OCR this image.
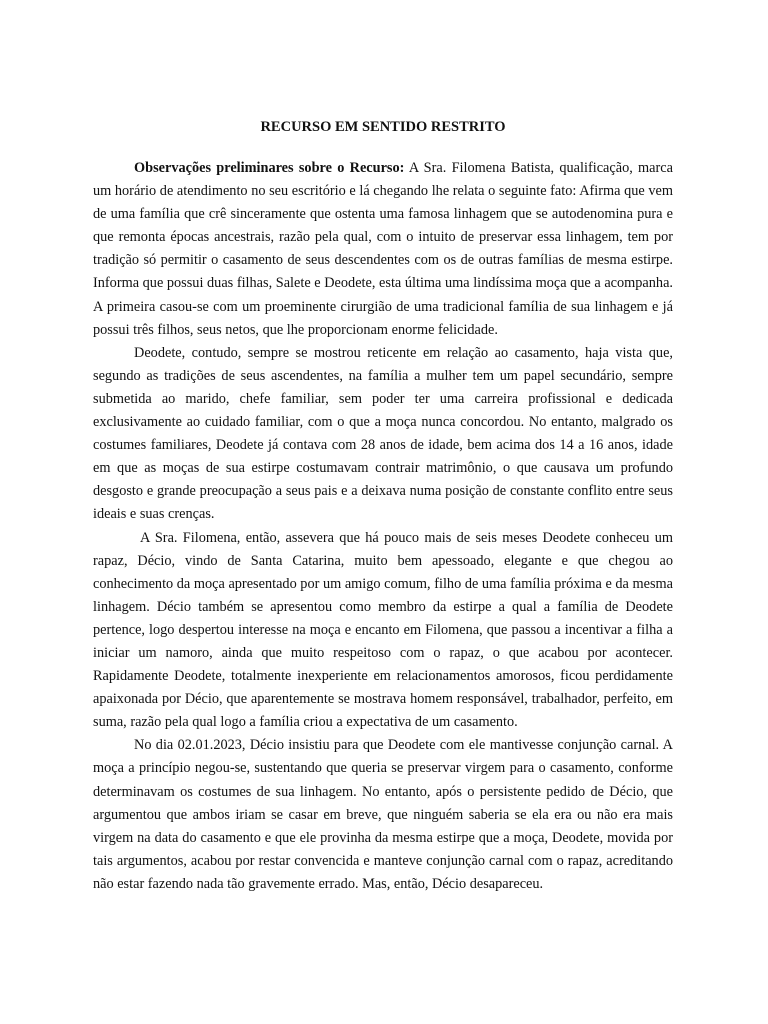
RECURSO EM SENTIDO RESTRITO

Observações preliminares sobre o Recurso: A Sra. Filomena Batista, qualificação, marca um horário de atendimento no seu escritório e lá chegando lhe relata o seguinte fato: Afirma que vem de uma família que crê sinceramente que ostenta uma famosa linhagem que se autodenomina pura e que remonta épocas ancestrais, razão pela qual, com o intuito de preservar essa linhagem, tem por tradição só permitir o casamento de seus descendentes com os de outras famílias de mesma estirpe. Informa que possui duas filhas, Salete e Deodete, esta última uma lindíssima moça que a acompanha. A primeira casou-se com um proeminente cirurgião de uma tradicional família de sua linhagem e já possui três filhos, seus netos, que lhe proporcionam enorme felicidade.

Deodete, contudo, sempre se mostrou reticente em relação ao casamento, haja vista que, segundo as tradições de seus ascendentes, na família a mulher tem um papel secundário, sempre submetida ao marido, chefe familiar, sem poder ter uma carreira profissional e dedicada exclusivamente ao cuidado familiar, com o que a moça nunca concordou. No entanto, malgrado os costumes familiares, Deodete já contava com 28 anos de idade, bem acima dos 14 a 16 anos, idade em que as moças de sua estirpe costumavam contrair matrimônio, o que causava um profundo desgosto e grande preocupação a seus pais e a deixava numa posição de constante conflito entre seus ideais e suas crenças.

A Sra. Filomena, então, assevera que há pouco mais de seis meses Deodete conheceu um rapaz, Décio, vindo de Santa Catarina, muito bem apessoado, elegante e que chegou ao conhecimento da moça apresentado por um amigo comum, filho de uma família próxima e da mesma linhagem. Décio também se apresentou como membro da estirpe a qual a família de Deodete pertence, logo despertou interesse na moça e encanto em Filomena, que passou a incentivar a filha a iniciar um namoro, ainda que muito respeitoso com o rapaz, o que acabou por acontecer. Rapidamente Deodete, totalmente inexperiente em relacionamentos amorosos, ficou perdidamente apaixonada por Décio, que aparentemente se mostrava homem responsável, trabalhador, perfeito, em suma, razão pela qual logo a família criou a expectativa de um casamento.

No dia 02.01.2023, Décio insistiu para que Deodete com ele mantivesse conjunção carnal. A moça a princípio negou-se, sustentando que queria se preservar virgem para o casamento, conforme determinavam os costumes de sua linhagem. No entanto, após o persistente pedido de Décio, que argumentou que ambos iriam se casar em breve, que ninguém saberia se ela era ou não era mais virgem na data do casamento e que ele provinha da mesma estirpe que a moça, Deodete, movida por tais argumentos, acabou por restar convencida e manteve conjunção carnal com o rapaz, acreditando não estar fazendo nada tão gravemente errado. Mas, então, Décio desapareceu.
